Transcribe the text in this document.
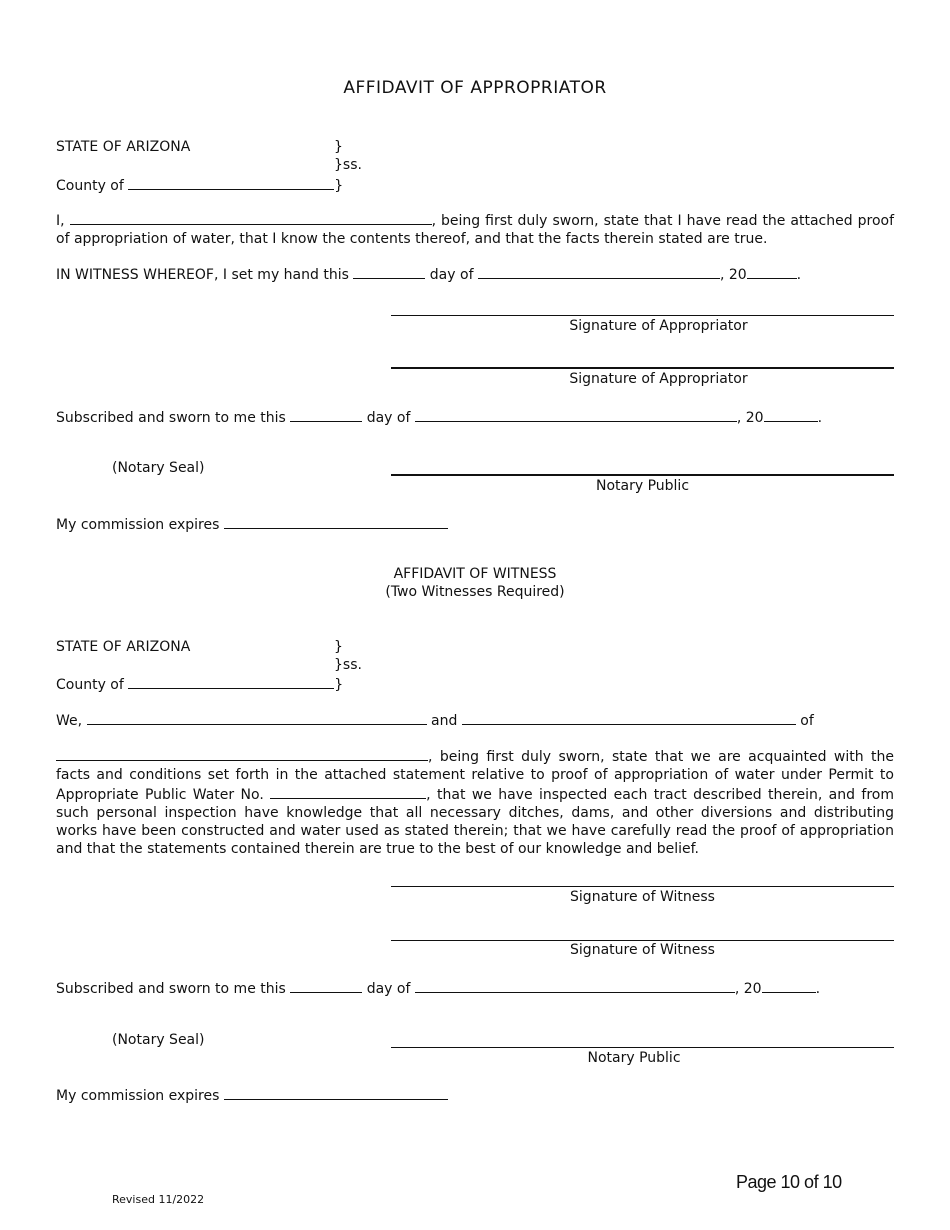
AFFIDAVIT OF APPROPRIATOR
STATE OF ARIZONA	}
}ss.
County of	}
I,	, being first duly sworn, state that I have read the attached proof of appropriation of water, that I know the contents thereof, and that the facts therein stated are true.
IN WITNESS WHEREOF, I set my hand this	day of	, 20	.
Signature of Appropriator
Signature of Appropriator
Subscribed and sworn to me this	day of	, 20	.
(Notary Seal)
Notary Public
My commission expires
AFFIDAVIT OF WITNESS
(Two Witnesses Required)
STATE OF ARIZONA	}
}ss.
County of	}
We,	and	of
, being first duly sworn, state that we are acquainted with the facts and conditions set forth in the attached statement relative to proof of appropriation of water under Permit to Appropriate Public Water No.	, that we have inspected each tract described therein, and from such personal inspection have knowledge that all necessary ditches, dams, and other diversions and distributing works have been constructed and water used as stated therein; that we have carefully read the proof of appropriation and that the statements contained therein are true to the best of our knowledge and belief.
Signature of Witness
Signature of Witness
Subscribed and sworn to me this	day of	, 20	.
(Notary Seal)
Notary Public
My commission expires
Page 10 of 10
Revised 11/2022
